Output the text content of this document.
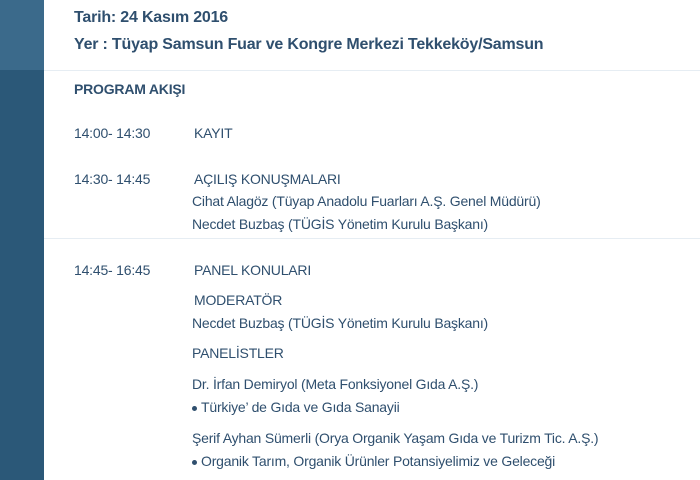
Tarih: 24 Kasım 2016
Yer : Tüyap Samsun Fuar ve Kongre Merkezi Tekkeköy/Samsun
PROGRAM AKIŞI
14:00- 14:30	KAYIT
14:30- 14:45	AÇILIŞ KONUŞMALARI
Cihat Alagöz (Tüyap Anadolu Fuarları A.Ş. Genel Müdürü)
Necdet Buzbaş (TÜGİS Yönetim Kurulu Başkanı)
14:45- 16:45	PANEL KONULARI
MODERATÖR
Necdet Buzbaş (TÜGİS Yönetim Kurulu Başkanı)
PANELİSTLER
Dr. İrfan Demiryol (Meta Fonksiyonel Gıda A.Ş.)
Türkiye’ de Gıda ve Gıda Sanayii
Şerif Ayhan Sümerli (Orya Organik Yaşam Gıda ve Turizm Tic. A.Ş.)
Organik Tarım, Organik Ürünler Potansiyelimiz ve Geleceği
